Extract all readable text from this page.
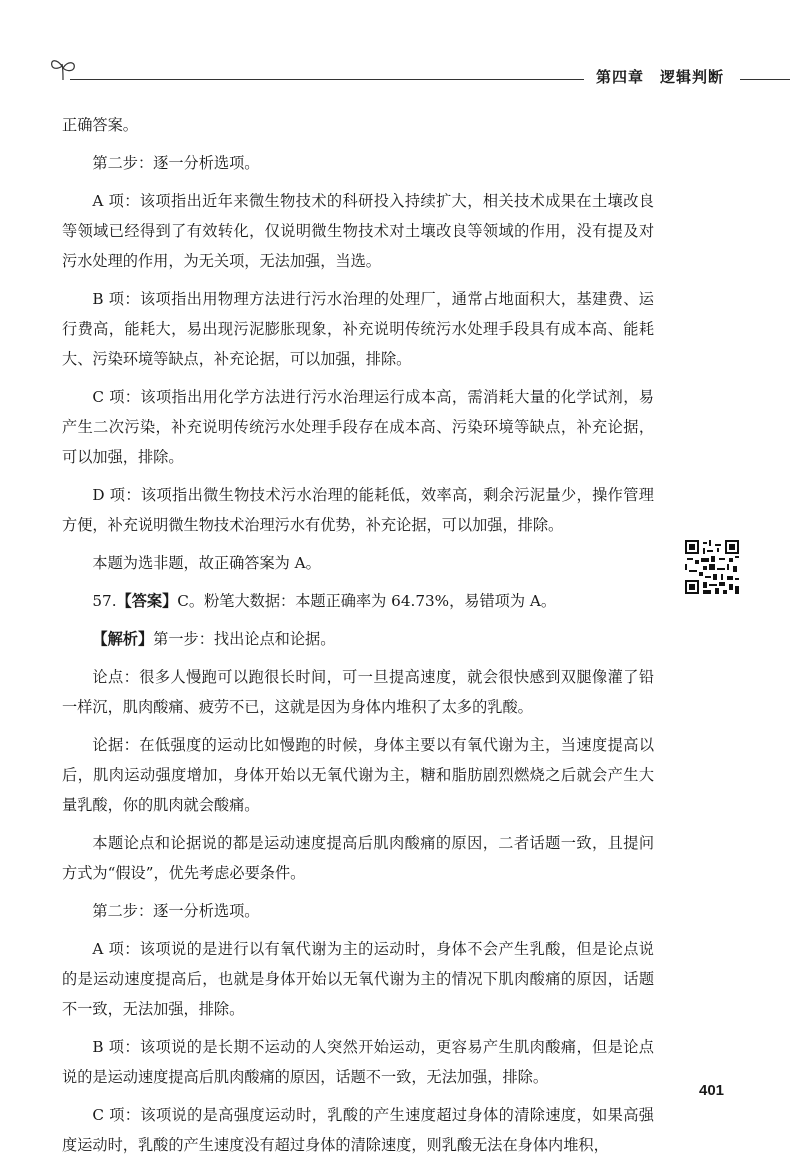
第四章　逻辑判断

正确答案。

第二步：逐一分析选项。

A 项：该项指出近年来微生物技术的科研投入持续扩大，相关技术成果在土壤改良等领域已经得到了有效转化，仅说明微生物技术对土壤改良等领域的作用，没有提及对污水处理的作用，为无关项，无法加强，当选。

B 项：该项指出用物理方法进行污水治理的处理厂，通常占地面积大，基建费、运行费高，能耗大，易出现污泥膨胀现象，补充说明传统污水处理手段具有成本高、能耗大、污染环境等缺点，补充论据，可以加强，排除。

C 项：该项指出用化学方法进行污水治理运行成本高，需消耗大量的化学试剂，易产生二次污染，补充说明传统污水处理手段存在成本高、污染环境等缺点，补充论据，可以加强，排除。

D 项：该项指出微生物技术污水治理的能耗低，效率高，剩余污泥量少，操作管理方便，补充说明微生物技术治理污水有优势，补充论据，可以加强，排除。

本题为选非题，故正确答案为 A。

57.【答案】C。粉笔大数据：本题正确率为 64.73%，易错项为 A。

【解析】第一步：找出论点和论据。

论点：很多人慢跑可以跑很长时间，可一旦提高速度，就会很快感到双腿像灌了铅一样沉，肌肉酸痛、疲劳不已，这就是因为身体内堆积了太多的乳酸。

论据：在低强度的运动比如慢跑的时候，身体主要以有氧代谢为主，当速度提高以后，肌肉运动强度增加，身体开始以无氧代谢为主，糖和脂肪剧烈燃烧之后就会产生大量乳酸，你的肌肉就会酸痛。

本题论点和论据说的都是运动速度提高后肌肉酸痛的原因，二者话题一致，且提问方式为“假设”，优先考虑必要条件。

第二步：逐一分析选项。

A 项：该项说的是进行以有氧代谢为主的运动时，身体不会产生乳酸，但是论点说的是运动速度提高后，也就是身体开始以无氧代谢为主的情况下肌肉酸痛的原因，话题不一致，无法加强，排除。

B 项：该项说的是长期不运动的人突然开始运动，更容易产生肌肉酸痛，但是论点说的是运动速度提高后肌肉酸痛的原因，话题不一致，无法加强，排除。

C 项：该项说的是高强度运动时，乳酸的产生速度超过身体的清除速度，如果高强度运动时，乳酸的产生速度没有超过身体的清除速度，则乳酸无法在身体内堆积，

401
